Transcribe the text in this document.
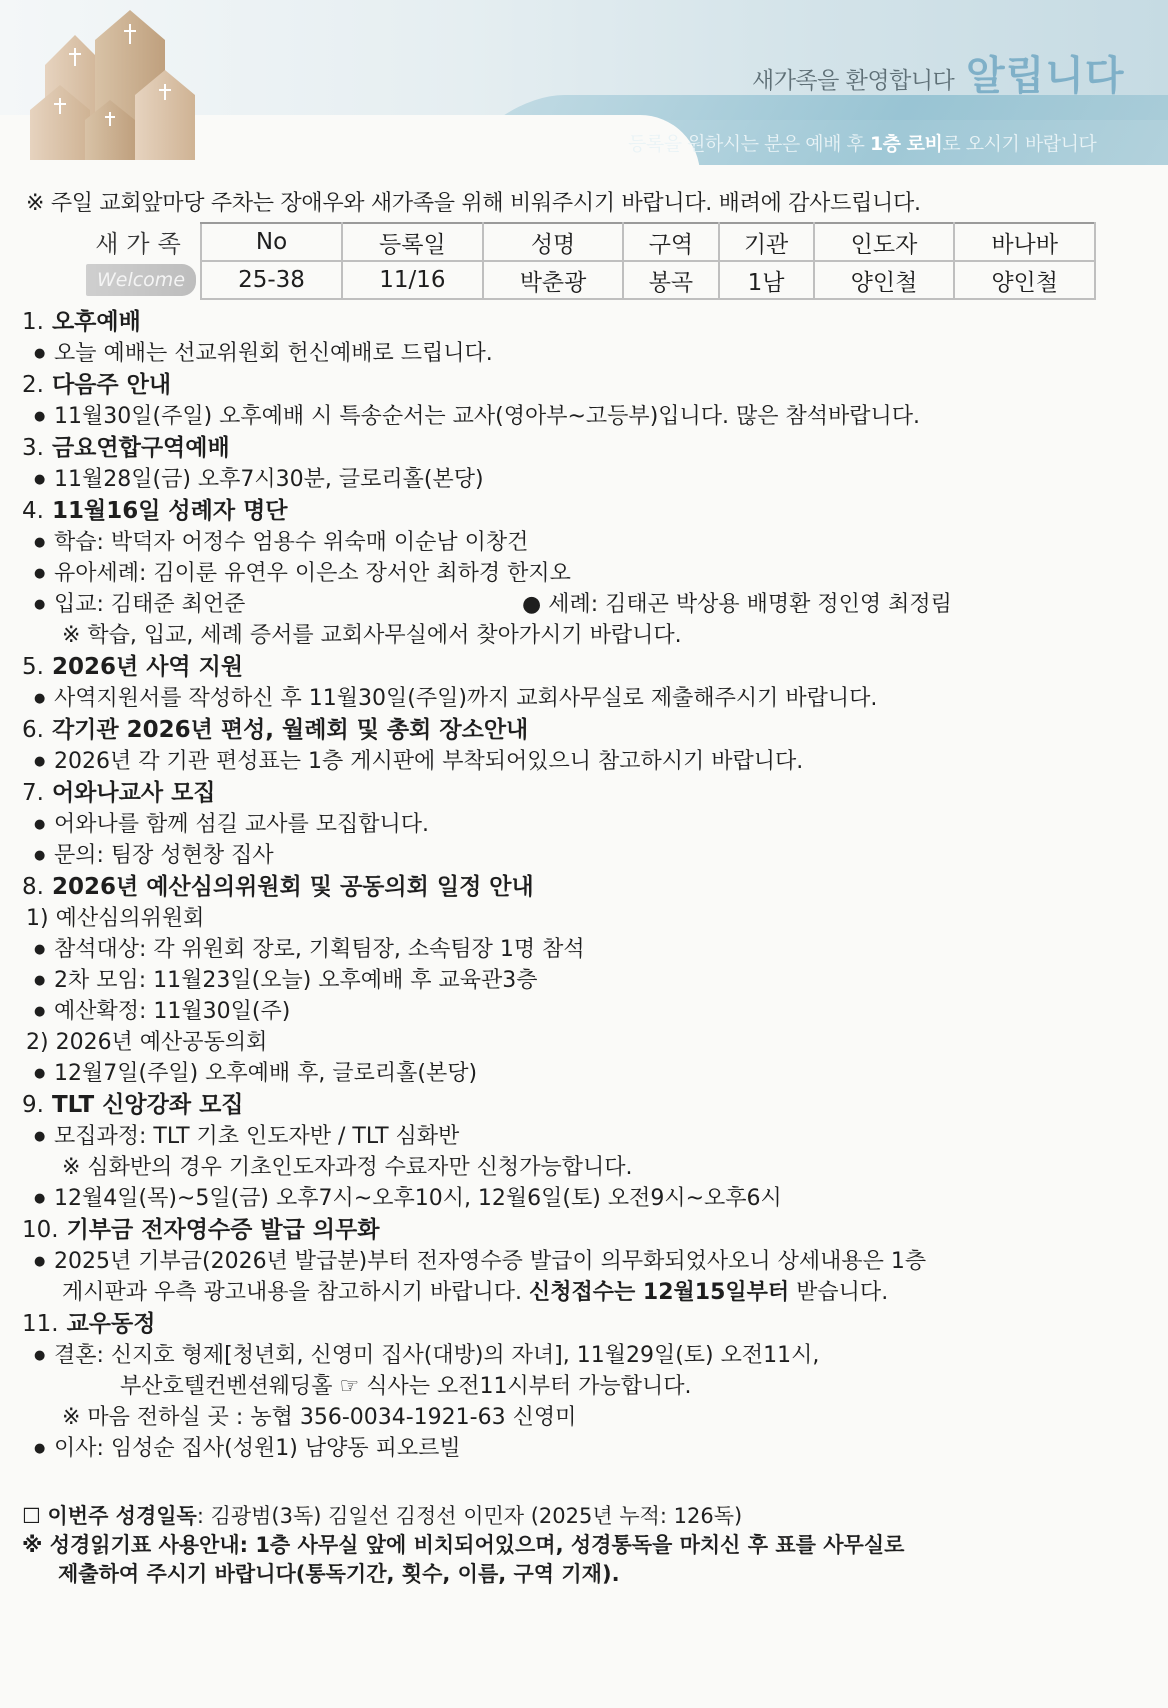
새가족을 환영합니다 알립니다
등록을 원하시는 분은 예배 후 1층 로비로 오시기 바랍니다
※ 주일 교회앞마당 주차는 장애우와 새가족을 위해 비워주시기 바랍니다. 배려에 감사드립니다.
새가족
Welcome
No	등록일	성명	구역	기관	인도자	바나바
25-38	11/16	박춘광	봉곡	1남	양인철	양인철
1. 오후예배
● 오늘 예배는 선교위원회 헌신예배로 드립니다.
2. 다음주 안내
● 11월30일(주일) 오후예배 시 특송순서는 교사(영아부~고등부)입니다. 많은 참석바랍니다.
3. 금요연합구역예배
● 11월28일(금) 오후7시30분, 글로리홀(본당)
4. 11월16일 성례자 명단
● 학습: 박덕자 어정수 엄용수 위숙매 이순남 이창건
● 유아세례: 김이룬 유연우 이은소 장서안 최하경 한지오
● 입교: 김태준 최언준	● 세례: 김태곤 박상용 배명환 정인영 최정림
※ 학습, 입교, 세례 증서를 교회사무실에서 찾아가시기 바랍니다.
5. 2026년 사역 지원
● 사역지원서를 작성하신 후 11월30일(주일)까지 교회사무실로 제출해주시기 바랍니다.
6. 각기관 2026년 편성, 월례회 및 총회 장소안내
● 2026년 각 기관 편성표는 1층 게시판에 부착되어있으니 참고하시기 바랍니다.
7. 어와나교사 모집
● 어와나를 함께 섬길 교사를 모집합니다.
● 문의: 팀장 성현창 집사
8. 2026년 예산심의위원회 및 공동의회 일정 안내
1) 예산심의위원회
● 참석대상: 각 위원회 장로, 기획팀장, 소속팀장 1명 참석
● 2차 모임: 11월23일(오늘) 오후예배 후 교육관3층
● 예산확정: 11월30일(주)
2) 2026년 예산공동의회
● 12월7일(주일) 오후예배 후, 글로리홀(본당)
9. TLT 신앙강좌 모집
● 모집과정: TLT 기초 인도자반 / TLT 심화반
※ 심화반의 경우 기초인도자과정 수료자만 신청가능합니다.
● 12월4일(목)~5일(금) 오후7시~오후10시, 12월6일(토) 오전9시~오후6시
10. 기부금 전자영수증 발급 의무화
● 2025년 기부금(2026년 발급분)부터 전자영수증 발급이 의무화되었사오니 상세내용은 1층
게시판과 우측 광고내용을 참고하시기 바랍니다. 신청접수는 12월15일부터 받습니다.
11. 교우동정
● 결혼: 신지호 형제[청년회, 신영미 집사(대방)의 자녀], 11월29일(토) 오전11시,
부산호텔컨벤션웨딩홀 ☞ 식사는 오전11시부터 가능합니다.
※ 마음 전하실 곳 : 농협 356-0034-1921-63 신영미
● 이사: 임성순 집사(성원1) 남양동 피오르빌
☐ 이번주 성경일독: 김광범(3독) 김일선 김정선 이민자 (2025년 누적: 126독)
※ 성경읽기표 사용안내: 1층 사무실 앞에 비치되어있으며, 성경통독을 마치신 후 표를 사무실로
제출하여 주시기 바랍니다(통독기간, 횟수, 이름, 구역 기재).
